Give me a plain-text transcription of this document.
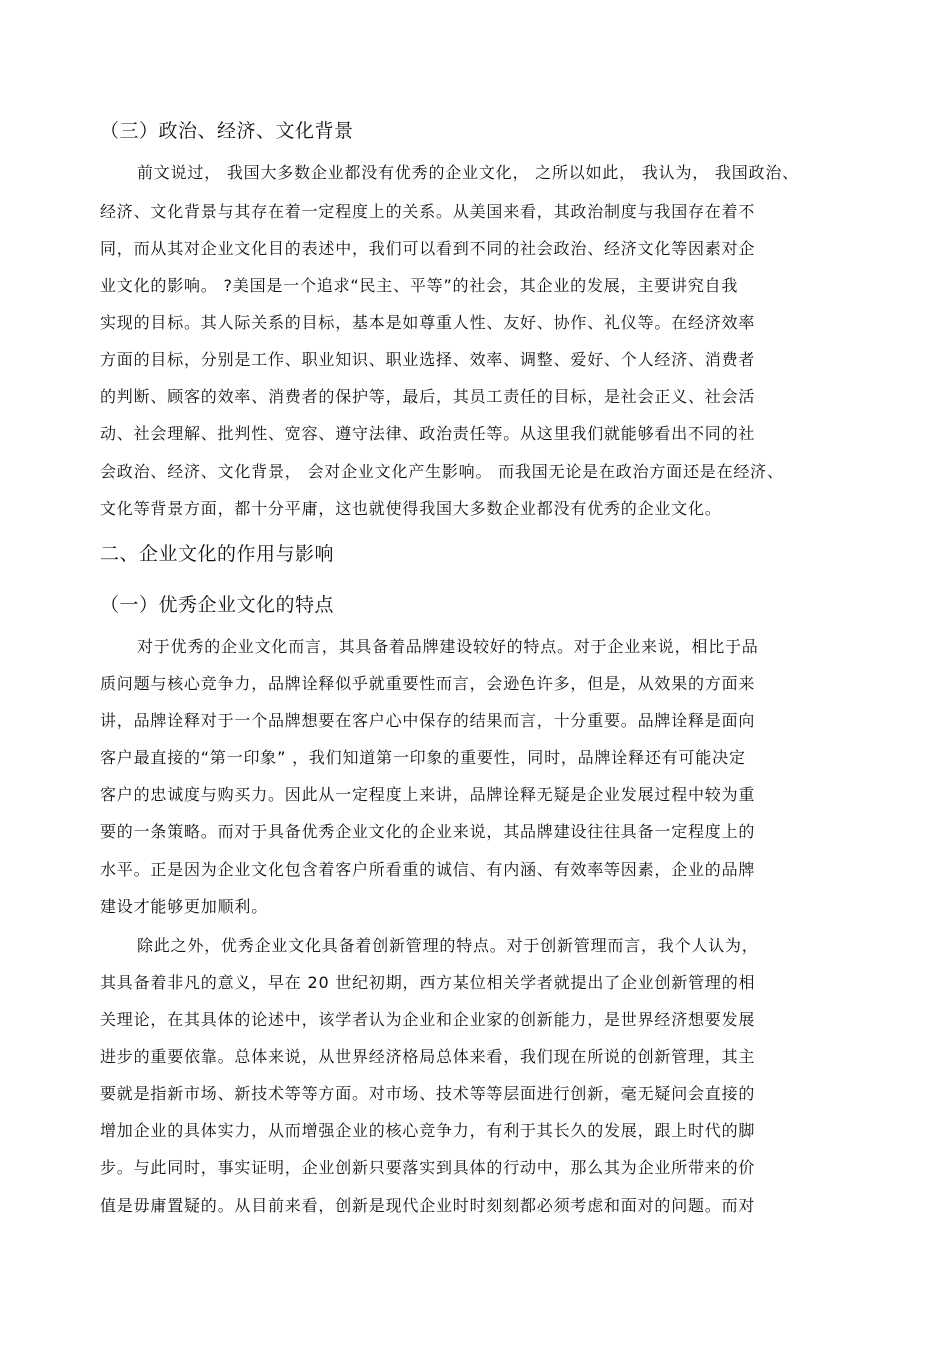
（三）政治、经济、文化背景
前文说过， 我国大多数企业都没有优秀的企业文化， 之所以如此， 我认为， 我国政治、
经济、文化背景与其存在着一定程度上的关系。从美国来看，其政治制度与我国存在着不
同，而从其对企业文化目的表述中，我们可以看到不同的社会政治、经济文化等因素对企
业文化的影响。 ?美国是一个追求“民主、平等”的社会，其企业的发展，主要讲究自我
实现的目标。其人际关系的目标，基本是如尊重人性、友好、协作、礼仪等。在经济效率
方面的目标，分别是工作、职业知识、职业选择、效率、调整、爱好、个人经济、消费者
的判断、顾客的效率、消费者的保护等，最后，其员工责任的目标，是社会正义、社会活
动、社会理解、批判性、宽容、遵守法律、政治责任等。从这里我们就能够看出不同的社
会政治、经济、文化背景， 会对企业文化产生影响。 而我国无论是在政治方面还是在经济、
文化等背景方面，都十分平庸，这也就使得我国大多数企业都没有优秀的企业文化。
二、企业文化的作用与影响
（一）优秀企业文化的特点
对于优秀的企业文化而言，其具备着品牌建设较好的特点。对于企业来说，相比于品
质问题与核心竞争力，品牌诠释似乎就重要性而言，会逊色许多，但是，从效果的方面来
讲，品牌诠释对于一个品牌想要在客户心中保存的结果而言，十分重要。品牌诠释是面向
客户最直接的“第一印象” ，我们知道第一印象的重要性，同时，品牌诠释还有可能决定
客户的忠诚度与购买力。因此从一定程度上来讲，品牌诠释无疑是企业发展过程中较为重
要的一条策略。而对于具备优秀企业文化的企业来说，其品牌建设往往具备一定程度上的
水平。正是因为企业文化包含着客户所看重的诚信、有内涵、有效率等因素，企业的品牌
建设才能够更加顺利。
除此之外，优秀企业文化具备着创新管理的特点。对于创新管理而言，我个人认为，
其具备着非凡的意义，早在 20 世纪初期，西方某位相关学者就提出了企业创新管理的相
关理论，在其具体的论述中，该学者认为企业和企业家的创新能力，是世界经济想要发展
进步的重要依靠。总体来说，从世界经济格局总体来看，我们现在所说的创新管理，其主
要就是指新市场、新技术等等方面。对市场、技术等等层面进行创新，毫无疑问会直接的
增加企业的具体实力，从而增强企业的核心竞争力，有利于其长久的发展，跟上时代的脚
步。与此同时，事实证明，企业创新只要落实到具体的行动中，那么其为企业所带来的价
值是毋庸置疑的。从目前来看，创新是现代企业时时刻刻都必须考虑和面对的问题。而对
